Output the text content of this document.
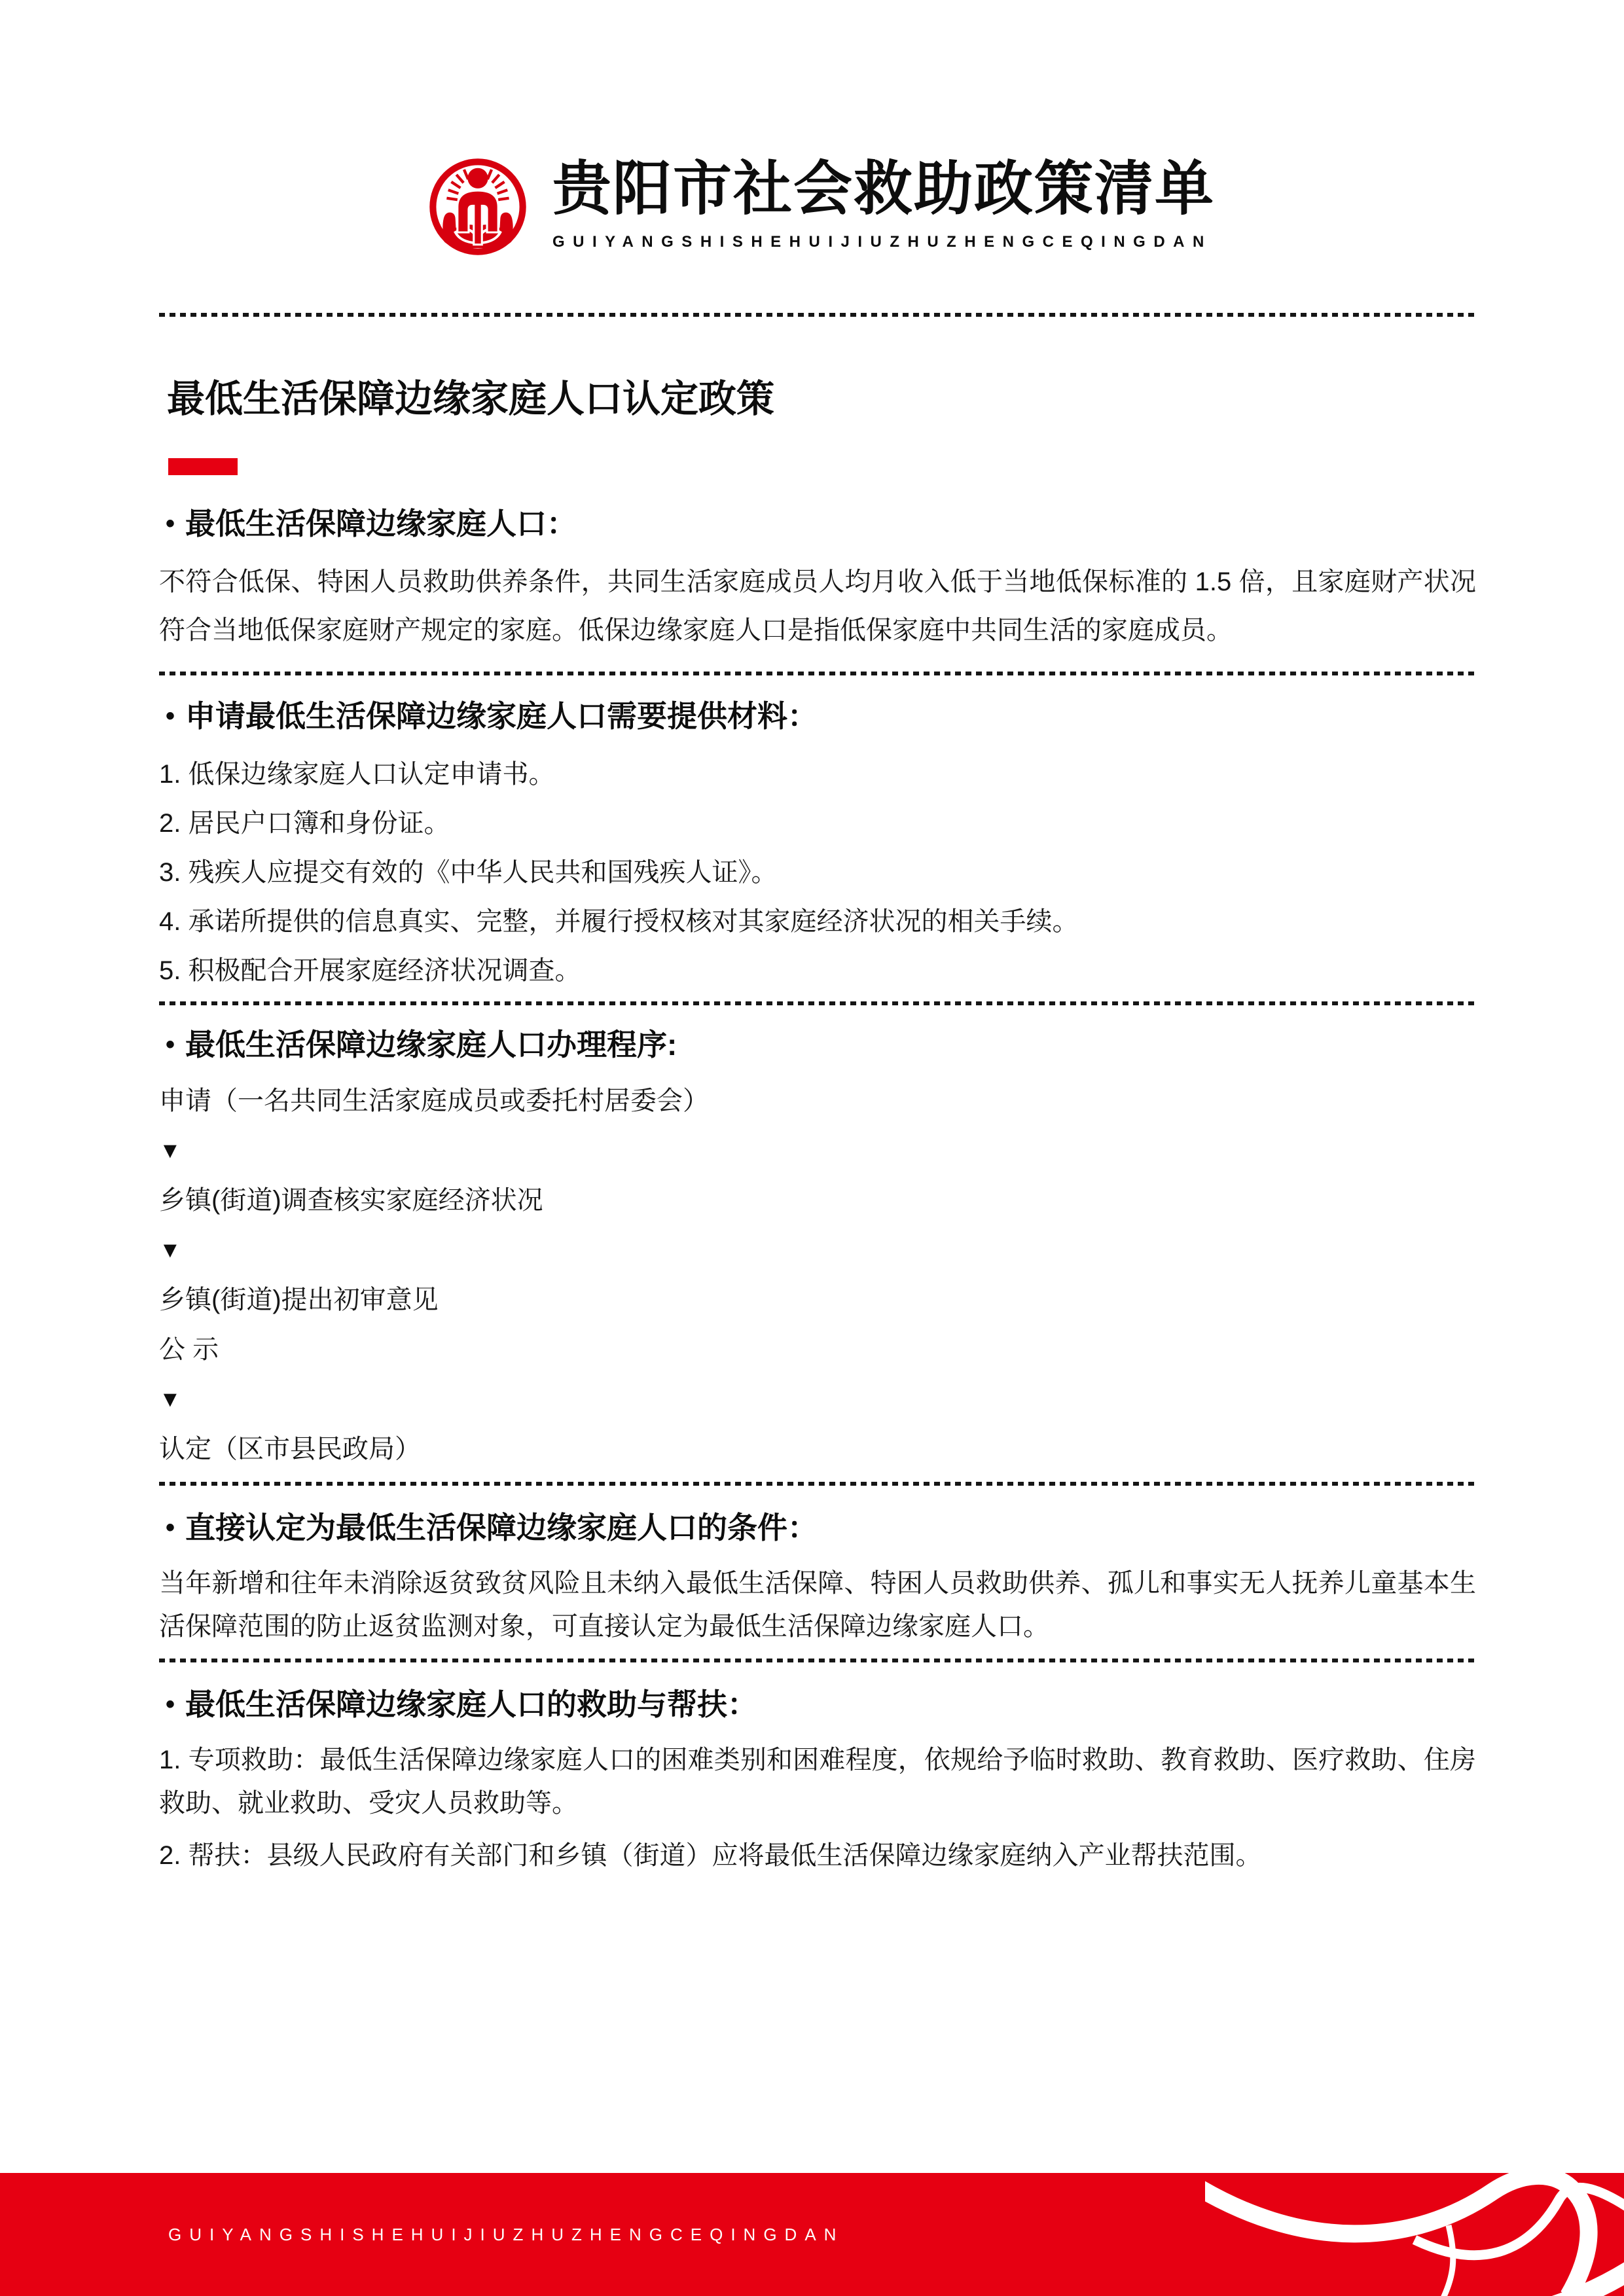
贵阳市社会救助政策清单
GUIYANGSHISHEHUIJIUZHUZHENGCEQINGDAN
最低生活保障边缘家庭人口认定政策
• 最低生活保障边缘家庭人口：
不符合低保、特困人员救助供养条件，共同生活家庭成员人均月收入低于当地低保标准的 1.5 倍，且家庭财产状况符合当地低保家庭财产规定的家庭。低保边缘家庭人口是指低保家庭中共同生活的家庭成员。
• 申请最低生活保障边缘家庭人口需要提供材料：
1. 低保边缘家庭人口认定申请书。
2. 居民户口簿和身份证。
3. 残疾人应提交有效的《中华人民共和国残疾人证》。
4. 承诺所提供的信息真实、完整，并履行授权核对其家庭经济状况的相关手续。
5. 积极配合开展家庭经济状况调查。
• 最低生活保障边缘家庭人口办理程序:
申请（一名共同生活家庭成员或委托村居委会）
▼
乡镇(街道)调查核实家庭经济状况
▼
乡镇(街道)提出初审意见
公 示
▼
认定（区市县民政局）
• 直接认定为最低生活保障边缘家庭人口的条件：
当年新增和往年未消除返贫致贫风险且未纳入最低生活保障、特困人员救助供养、孤儿和事实无人抚养儿童基本生活保障范围的防止返贫监测对象，可直接认定为最低生活保障边缘家庭人口。
• 最低生活保障边缘家庭人口的救助与帮扶：
1. 专项救助：最低生活保障边缘家庭人口的困难类别和困难程度，依规给予临时救助、教育救助、医疗救助、住房救助、就业救助、受灾人员救助等。
2. 帮扶：县级人民政府有关部门和乡镇（街道）应将最低生活保障边缘家庭纳入产业帮扶范围。
GUIYANGSHISHEHUIJIUZHUZHENGCEQINGDAN
